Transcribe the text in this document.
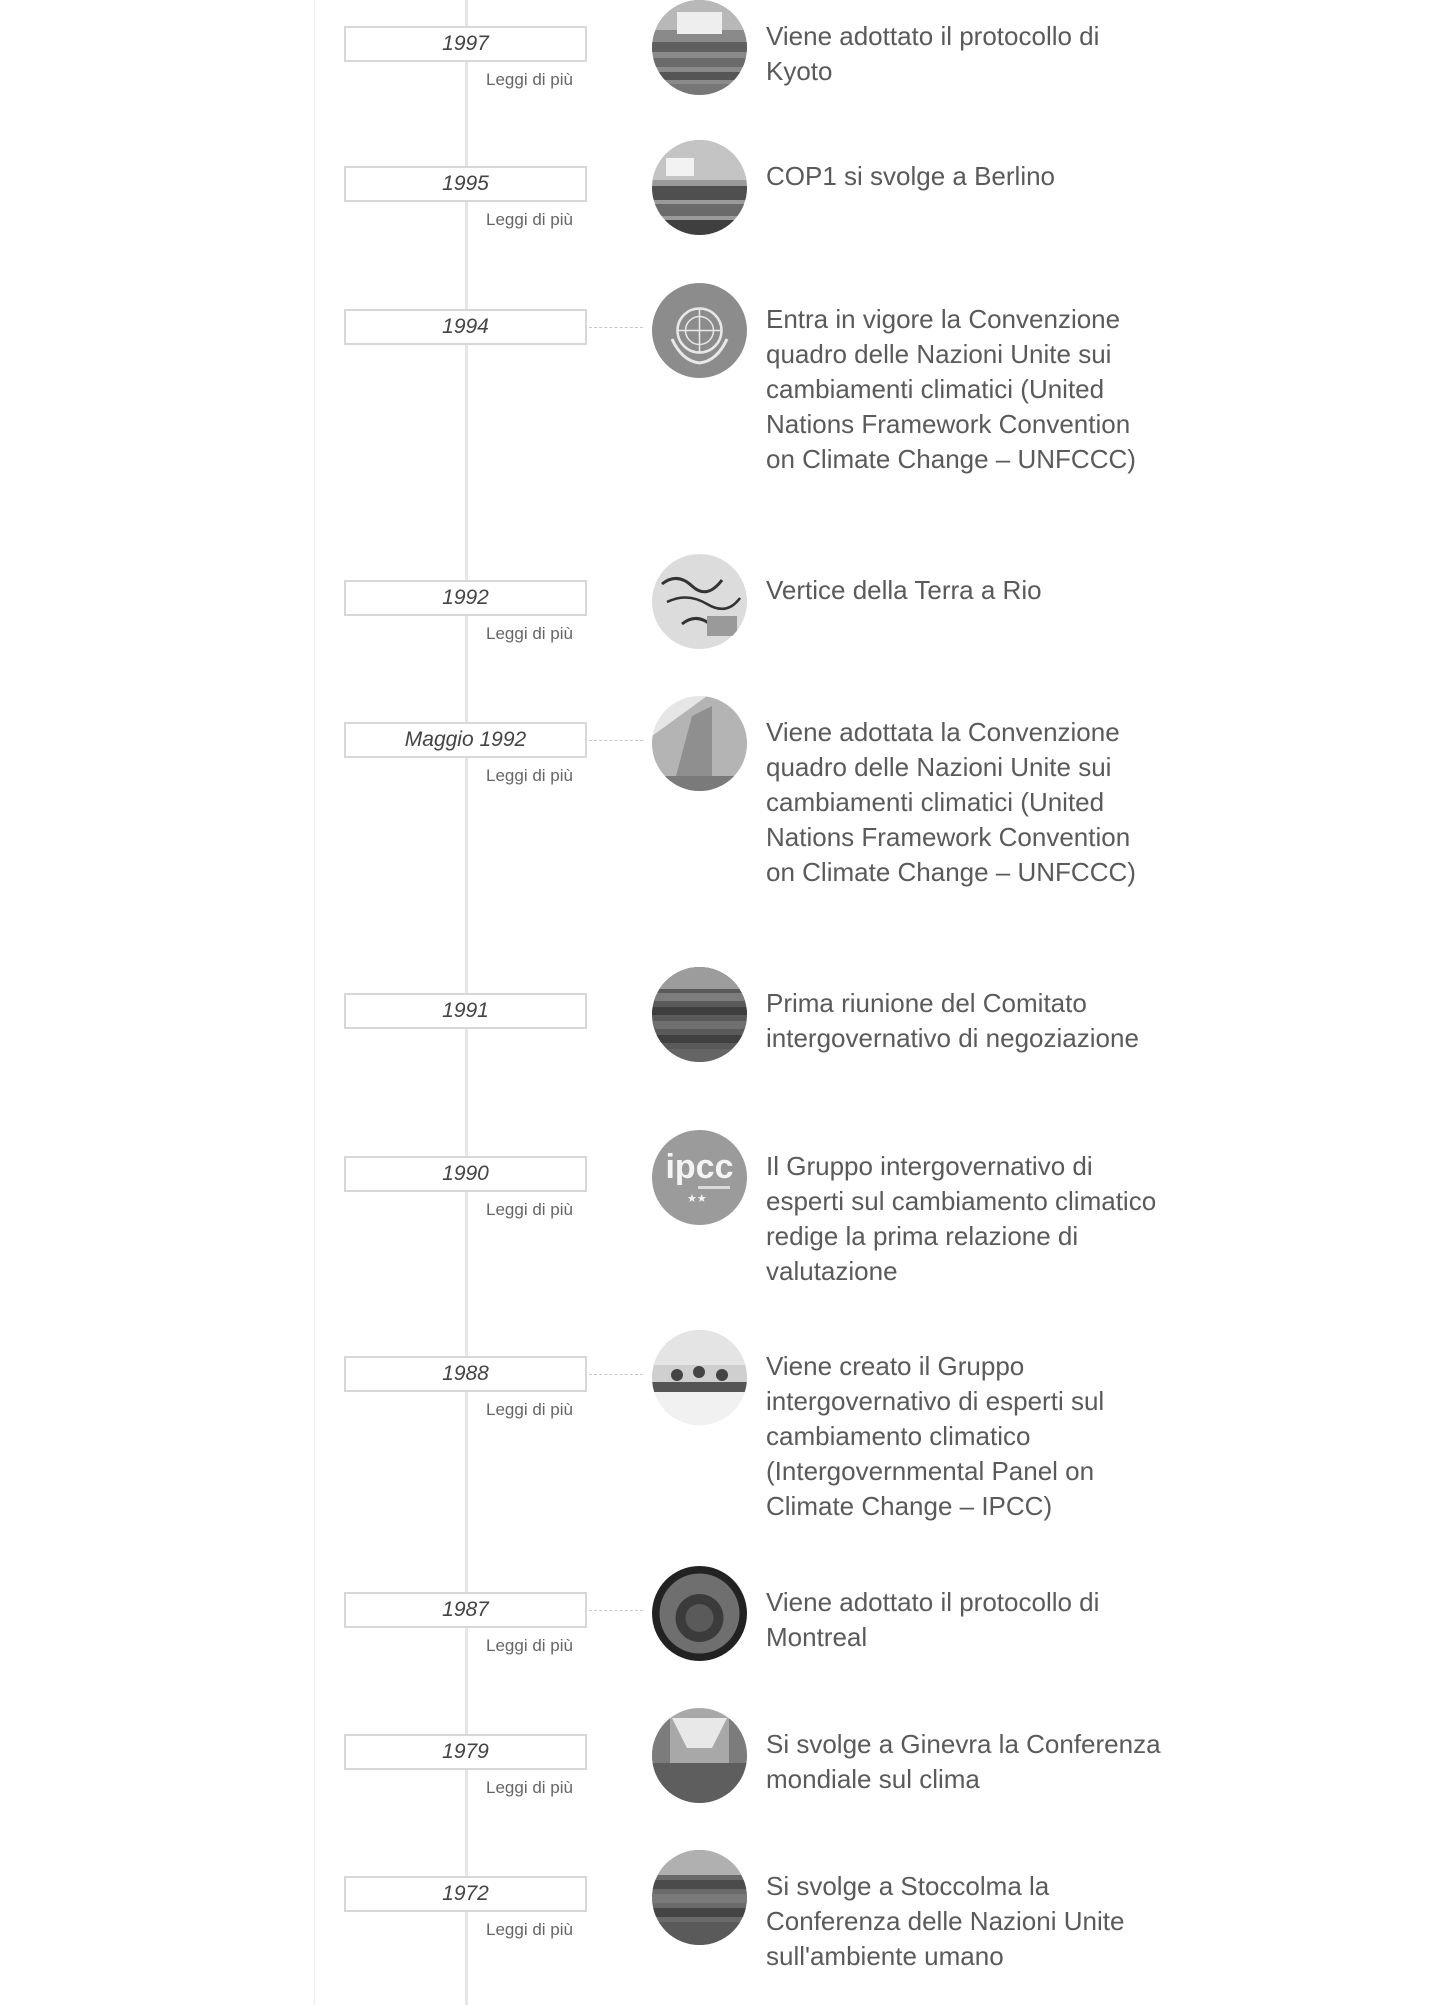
1997
Leggi di più
Viene adottato il protocollo di Kyoto
1995
Leggi di più
COP1 si svolge a Berlino
1994	Entra in vigore la Convenzione quadro delle Nazioni Unite sui cambiamenti climatici (United Nations Framework Convention on Climate Change – UNFCCC)
1992
Leggi di più
Vertice della Terra a Rio
Maggio 1992
Leggi di più
Viene adottata la Convenzione quadro delle Nazioni Unite sui cambiamenti climatici (United Nations Framework Convention on Climate Change – UNFCCC)
1991	Prima riunione del Comitato intergovernativo di negoziazione
1990
Leggi di più
ipcc
★★
Il Gruppo intergovernativo di esperti sul cambiamento climatico redige la prima relazione di valutazione
1988
Leggi di più
Viene creato il Gruppo intergovernativo di esperti sul cambiamento climatico (Intergovernmental Panel on Climate Change – IPCC)
1987
Leggi di più
Viene adottato il protocollo di Montreal
1979
Leggi di più
Si svolge a Ginevra la Conferenza mondiale sul clima
1972
Leggi di più
Si svolge a Stoccolma la Conferenza delle Nazioni Unite sull'ambiente umano
